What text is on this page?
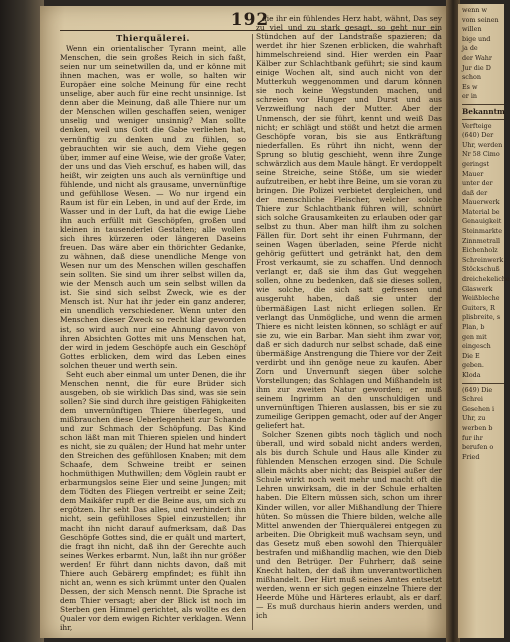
192
Thierquälerei.

Wenn ein orientalischer Tyrann meint, alle Menschen, die sein großes Reich in sich faßt, seien nur um seinetwillen da, und er könne mit ihnen machen, was er wolle, so halten wir Europäer eine solche Meinung für eine recht unselige, aber auch für eine recht unsinnige. Ist denn aber die Meinung, daß alle Thiere nur um der Menschen willen geschaffen seien, weniger unselig und weniger unsinnig? Man sollte denken, weil uns Gott die Gabe verliehen hat, vernünftig zu denken und zu fühlen, so gebrauchten wir sie auch, dem Viehe gegen über, immer auf eine Weise, wie der große Vater, der uns und das Vieh erschuf, es haben will, das heißt, wir zeigten uns auch als vernünftige und fühlende, und nicht als grausame, unvernünftige und gefühllose Wesen. — Wo nur irgend ein Raum ist für ein Leben, in und auf der Erde, im Wasser und in der Luft, da hat die ewige Liebe ihn auch erfüllt mit Geschöpfen, großen und kleinen in tausenderlei Gestalten; alle wollen sich ihres kürzeren oder längeren Daseins freuen. Das wäre aber ein thörichter Gedanke, zu wähnen, daß diese unendliche Menge von Wesen nur um des Menschen willen geschaffen sein sollten. Sie sind um ihrer selbst willen da, wie der Mensch auch um sein selbst willen da ist. Sie sind sich selbst Zweck, wie es der Mensch ist. Nur hat ihr jeder ein ganz anderer, ein unendlich verschiedener. Wenn unter den Menschen dieser Zweck so recht klar geworden ist, so wird auch nur eine Ahnung davon von ihren Absichten Gottes mit uns Menschen hat, der wird in jedem Geschöpfe auch ein Geschöpf Gottes erblicken, dem wird das Leben eines solchen theuer und werth sein.

Seht euch aber einmal um unter Denen, die ihr Menschen nennt, die für eure Brüder sich ausgeben, ob sie wirklich Das sind, was sie sein sollen? Sie sind durch ihre geistigen Fähigkeiten dem unvernünftigen Thiere überlegen, und mißbrauchen diese Ueberlegenheit zur Schande und zur Schmach der Schöpfung. Das Kind schon läßt man mit Thieren spielen und hindert es nicht, sie zu quälen; der Hund hat mehr unter den Streichen des gefühllosen Knaben; mit dem Schaafe, dem Schweine treibt er seinen hochmüthigen Muthwillen; dem Vöglein raubt er erbarmungslos seine Eier und seine Jungen; mit dem Tödten des Fliegen vertreibt er seine Zeit; dem Maikäfer rupft er die Beine aus, um sich zu ergötzen. Ihr seht Das alles, und verhindert ihn nicht, sein gefühlloses Spiel einzustellen; ihr macht ihn nicht darauf aufmerksam, daß Das Geschöpfe Gottes sind, die er quält und martert, die fragt ihn nicht, daß ihn der Gerechte auch seines Werkes erbarmt. Nun, laßt ihn nur größer werden! Er führt dann nichts davon, daß mit Thiere auch Gebärerg empfindet; es fühlt ihn nicht an, wenn es sich krümmt unter den Qualen Dessen, der sich Mensch nennt. Die Sprache ist dem Thier versagt; aber der Blick ist noch im Sterben gen Himmel gerichtet, als wollte es den Qualer vor dem ewigen Richter verklagen. Wenn ihr,

die ihr ein fühlendes Herz habt, wähnt, Das sey zu viel und zu stark gesagt, so geht nur ein Stündchen auf der Landstraße spazieren; da werdet ihr hier Szenen erblicken, die wahrhaft himmelschreiend sind. Hier werden ein Paar Kälber zur Schlachtbank geführt; sie sind kaum einige Wochen alt, sind auch nicht von der Mutterkuh weggenommen und darum können sie noch keine Wegstunden machen, und schreien vor Hunger und Durst und aus Verzweiflung nach der Mutter. Aber der Unmensch, der sie führt, kennt und weiß Das nicht; er schlägt und stößt und hetzt die armen Geschöpfe voran, bis sie aus Entkräftung niederfallen. Es rührt ihn nicht, wenn der Sprung so blutig geschieht, wenn ihre Zunge schwärzlich aus dem Maule hängt. Er verdoppelt seine Streiche, seine Stöße, um sie wieder aufzutreiben, er hebt ihre Beine, um sie voran zu bringen. Die Polizei verbietet dergleichen, und der menschliche Fleischer, welcher solche Thiere zur Schlachtbank führen will, schnürt sich solche Grausamkeiten zu erlauben oder gar selbst zu thun. Aber man hilft ihm zu solchen Fällen für. Dort seht ihr einen Fuhrmann, der seinen Wagen überladen, seine Pferde nicht gehörig gefüttert und getränkt hat, den dem Frost verkaumt, sie zu schaffen. Und dennoch verlangt er, daß sie ihm das Gut weggehen sollen, ohne zu bedenken, daß sie dieses sollen, wie solche, die sich satt gefressen und ausgeruht haben, daß sie unter der übermäßigen Last nicht erliegen sollen. Er verlangt das Unmögliche, und wenn die armen Thiere es nicht leisten können, so schlägt er auf sie zu, wie ein Barbar. Man sieht ihm zwar vor, daß er sich dadurch nur selbst schade, daß eine übermäßige Anstrengung die Thiere vor der Zeit verdirbt und ihn genöge neue zu kaufen. Aber Zorn und Unvernunft siegen über solche Vorstellungen; das Schlagen und Mißhandeln ist ihm zur zweiten Natur geworden; er muß seinem Ingrimm an den unschuldigen und unvernünftigen Thieren auslassen, bis er sie zu zumeilige Gerippen gemacht, oder auf der Anger geliefert hat.

Solcher Szenen gibts noch täglich und noch überall, und wird sobald nicht anders werden, als bis durch Schule und Haus alle Kinder zu fühlenden Menschen erzogen sind. Die Schule allein mächts aber nicht; das Beispiel außer der Schule wirkt noch weit mehr und macht oft die Lehren unwirksam, die in der Schule erhalten haben. Die Eltern müssen sich, schon um ihrer Kinder willen, vor aller Mißhandlung der Thiere hüten. So müssen die Thiere bilden, welche alle Mittel anwenden der Thierquälerei entgegen zu arbeiten. Die Obrigkeit muß wachsam seyn, und das Gesetz muß eben sowohl den Thierquäler bestrafen und mißhandlig machen, wie den Dieb und den Betrüger. Der Fuhrherr, daß seine Knecht halten, der daß ihm unverantwortlichen mißhandelt. Der Hirt muß seines Amtes entsetzt werden, wenn er sich gegen einzelne Thiere der Heerde Mühe und Härteres erlaubt, als er darf. — Es muß durchaus hierin anders werden, und ich

wenn w
vom seinen
willen
bige und
ja de
der Wahr
Jur die D
schon
Es w
er in
Bekanntm
Verfteige
(640) Der
Uhr, werden
Nr 58 Cimo
geringst
Mauer
unter der
daß der
Mauerwerk
Material be
Genauigkeit
Steinmarkte
Zinnmetrall
Eichenholz
Schreinwerk
Stöckschuß
dreichekeliche
Glaswerk
Weißbleche
Guiters, R
plisbreite, s
Plan, b
gen mit
eingesch
Die E
geben.
Kloda
(649) Die
Schrei
Gesehen i
Uhr, zu
werben b
fur ihr
berufen o
Fried
